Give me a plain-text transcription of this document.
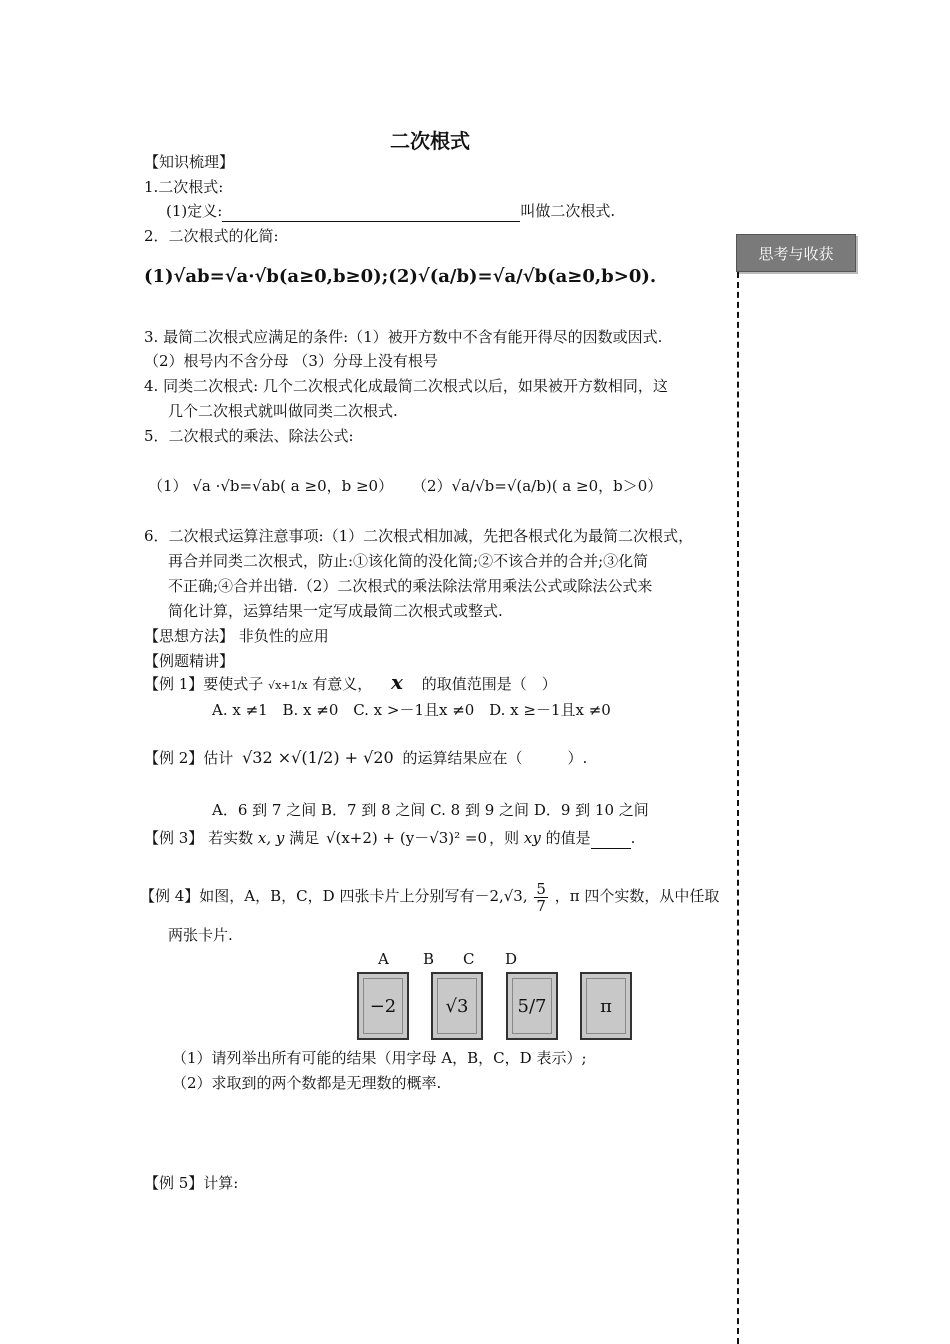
二次根式
思考与收获
【知识梳理】
1.二次根式:
(1)定义:	叫做二次根式.
2．二次根式的化简:
(1)√ab=√a·√b(a≥0,b≥0);(2)√(a/b)=√a/√b(a≥0,b>0).
3. 最简二次根式应满足的条件:（1）被开方数中不含有能开得尽的因数或因式.
（2）根号内不含分母 （3）分母上没有根号
4. 同类二次根式: 几个二次根式化成最简二次根式以后，如果被开方数相同，这
几个二次根式就叫做同类二次根式.
5．二次根式的乘法、除法公式:
（1） √a ·√b=√ab( a ≥0，b ≥0） （2）√a/√b=√(a/b)( a ≥0，b＞0）
6．二次根式运算注意事项:（1）二次根式相加减，先把各根式化为最简二次根式，
再合并同类二次根式，防止:①该化简的没化简;②不该合并的合并;③化简
不正确;④合并出错.（2）二次根式的乘法除法常用乘法公式或除法公式来
简化计算，运算结果一定写成最简二次根式或整式.
【思想方法】 非负性的应用
【例题精讲】
【例 1】要使式子 √x+1/x 有意义， x 的取值范围是（　）
A. x ≠1 B. x ≠0 C. x >－1且x ≠0 D. x ≥－1且x ≠0
【例 2】估计 √32 ×√(1/2) + √20 的运算结果应在（　　　）.
A．6 到 7 之间 B．7 到 8 之间 C. 8 到 9 之间 D．9 到 10 之间
【例 3】 若实数 x, y 满足 √(x+2) + (y－√3)² =0 ，则 xy 的值是	.
【例 4】如图，A，B，C，D 四张卡片上分别写有－2,√3, $\frac{5}{7}$ ，π 四个实数，从中任取
两张卡片.
A B C D
−2	√3	5/7	π
（1）请列举出所有可能的结果（用字母 A，B，C，D 表示）;
（2）求取到的两个数都是无理数的概率.
【例 5】计算:
